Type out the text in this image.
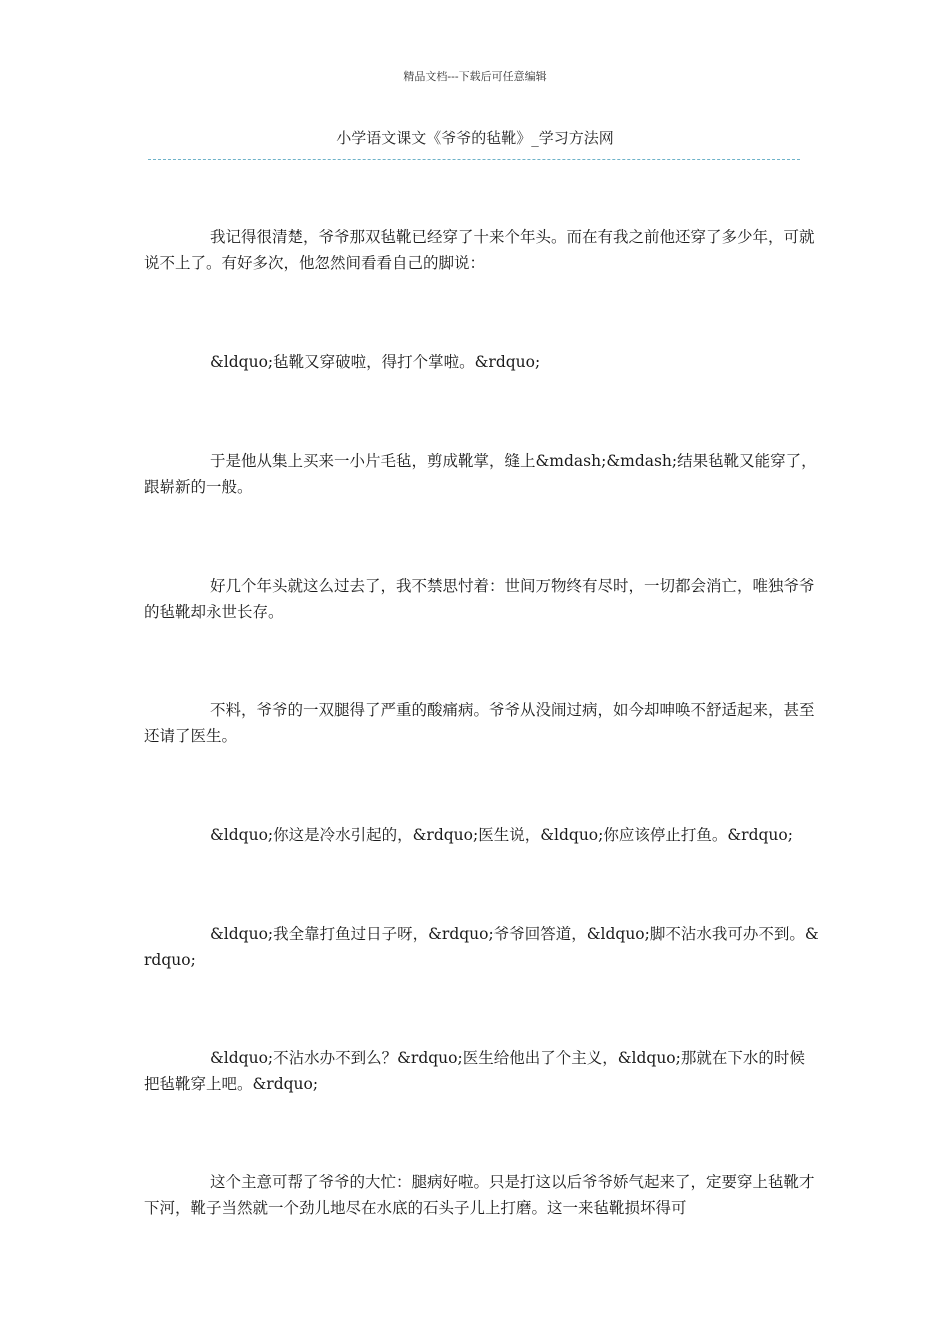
精品文档---下载后可任意编辑
小学语文课文《爷爷的毡靴》_学习方法网

我记得很清楚，爷爷那双毡靴已经穿了十来个年头。而在有我之前他还穿了多少年，可就说不上了。有好多次，他忽然间看看自己的脚说：

&ldquo;毡靴又穿破啦，得打个掌啦。&rdquo;

于是他从集上买来一小片毛毡，剪成靴掌，缝上&mdash;&mdash;结果毡靴又能穿了，跟崭新的一般。

好几个年头就这么过去了，我不禁思忖着：世间万物终有尽时，一切都会消亡，唯独爷爷的毡靴却永世长存。

不料，爷爷的一双腿得了严重的酸痛病。爷爷从没闹过病，如今却呻唤不舒适起来，甚至还请了医生。

&ldquo;你这是冷水引起的，&rdquo;医生说，&ldquo;你应该停止打鱼。&rdquo;

&ldquo;我全靠打鱼过日子呀，&rdquo;爷爷回答道，&ldquo;脚不沾水我可办不到。&rdquo;

&ldquo;不沾水办不到么？&rdquo;医生给他出了个主义，&ldquo;那就在下水的时候把毡靴穿上吧。&rdquo;

这个主意可帮了爷爷的大忙：腿病好啦。只是打这以后爷爷娇气起来了，定要穿上毡靴才下河，靴子当然就一个劲儿地尽在水底的石头子儿上打磨。这一来毡靴损坏得可
